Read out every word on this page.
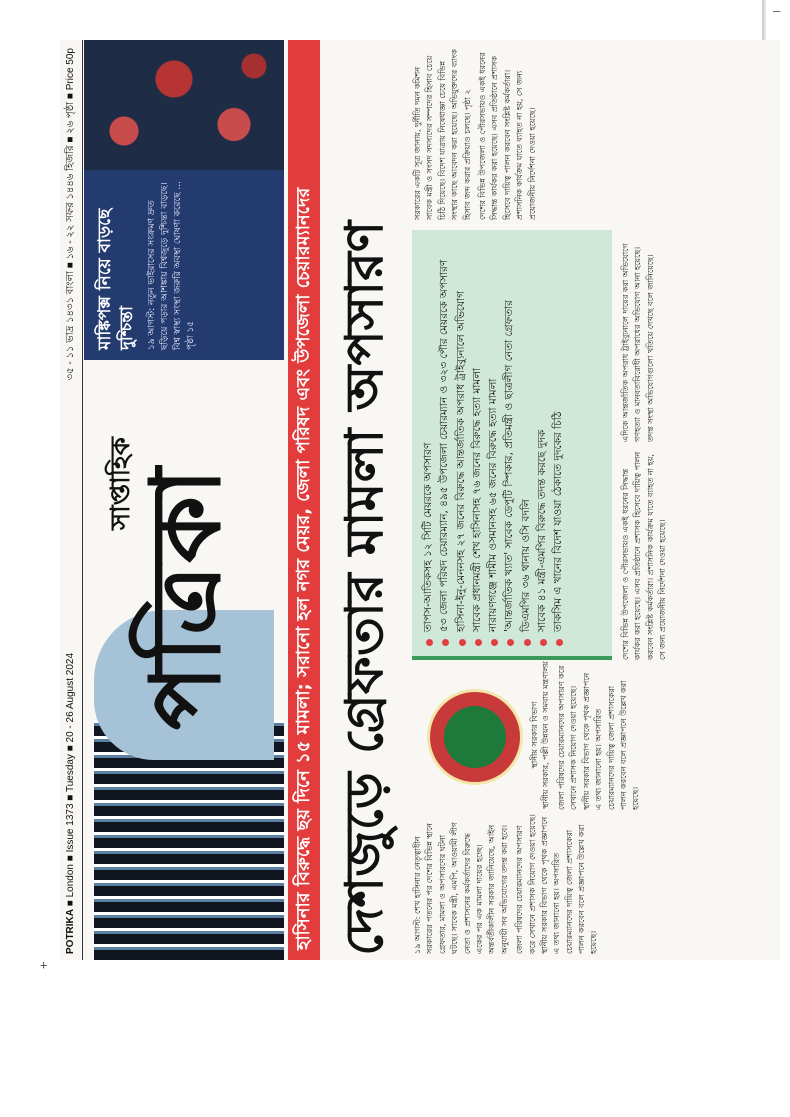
–
+
POTRIKA ■ London ■ Issue 1373 ■ Tuesday ■ 20 - 26 August 2024
৩৫ - ১১ ভাদ্র ১৪৩১ বাংলা ■ ১৬ - ২২ সফর ১৪৪৬ হিজরি ■ ২৬ পৃষ্ঠা ■ Price 50p
সাপ্তাহিক
পত্রিকা
মাঙ্কিপক্স নিয়ে বাড়ছে দুশ্চিন্তা ১৯ আগস্ট: নতুন ভাইরাসের সংক্রমণ দ্রুত ছড়িয়ে পড়ার আশঙ্কায় বিশ্বজুড়ে দুশ্চিন্তা বাড়ছে। বিশ্ব স্বাস্থ্য সংস্থা জরুরি অবস্থা ঘোষণা করেছে ... পৃষ্ঠা ১৫	হাসিনার বিরুদ্ধে ছয় দিনে ১৫ মামলা; সরানো হল নগর মেয়র, জেলা পরিষদ এবং উপজেলা চেয়ারম্যানদের দেশজুড়ে গ্রেফতার মামলা অপসারণ	১৯ আগস্ট: শেখ হাসিনার নেতৃত্বাধীন সরকারের পতনের পর দেশের বিভিন্ন স্থানে গ্রেফতার, মামলা ও অপসারণের ঘটনা ঘটছে। সাবেক মন্ত্রী, এমপি, আওয়ামী লীগ নেতা ও প্রশাসনের কর্মকর্তাদের বিরুদ্ধে একের পর এক মামলা দায়ের হচ্ছে। অন্তর্বর্তীকালীন সরকার জানিয়েছে, আইন অনুযায়ী সব অভিযোগের তদন্ত করা হবে। জেলা পরিষদের চেয়ারম্যানদের অপসারণ করে সেখানে প্রশাসক নিয়োগ দেওয়া হয়েছে। স্থানীয় সরকার বিভাগ থেকে পৃথক প্রজ্ঞাপনে এ তথ্য জানানো হয়। অপসারিত চেয়ারম্যানদের দায়িত্ব জেলা প্রশাসকেরা পালন করবেন বলে প্রজ্ঞাপনে উল্লেখ করা হয়েছে।

স্থানীয় সরকার বিভাগ
স্থানীয় সরকার, পল্লী উন্নয়ন ও সমবায় মন্ত্রণালয়
তাপস-আতিকসহ ১২ সিটি মেয়রকে অপসারণ ৫৩ জেলা পরিষদ চেয়ারম্যান, ৪৯৫ উপজেলা চেয়ারম্যান ও ৩২৩ পৌর মেয়রকে অপসারণ হাসিনা-ইনু-মেননসহ ২৭ জনের বিরুদ্ধে আন্তর্জাতিক অপরাধ ট্রাইব্যুনালে অভিযোগ সাবেক প্রধানমন্ত্রী শেখ হাসিনাসহ ৭৬ জনের বিরুদ্ধে হত্যা মামলা নারায়ণগঞ্জে শামীম ওসমানসহ ৬৫ জনের বিরুদ্ধে হত্যা মামলা 'আন্তর্জাতিক খ্যাত' সাবেক ডেপুটি স্পিকার, প্রতিমন্ত্রী ও ছাত্রলীগ নেতা গ্রেফতার ডিএমপির ৩৬ থানায় ওসি বদলি সাবেক ৪১ মন্ত্রী-এমপির বিরুদ্ধে তদন্ত করছে দুদক তাকসিম এ খানের বিদেশ যাওয়া ঠেকাতে দুদকের চিঠি

জেলা পরিষদের চেয়ারম্যানদের অপসারণ করে সেখানে প্রশাসক নিয়োগ দেওয়া হয়েছে। স্থানীয় সরকার বিভাগ থেকে পৃথক প্রজ্ঞাপনে এ তথ্য জানানো হয়। অপসারিত চেয়ারম্যানদের দায়িত্ব জেলা প্রশাসকেরা পালন করবেন বলে প্রজ্ঞাপনে উল্লেখ করা হয়েছে।

দেশের বিভিন্ন উপজেলা ও পৌরসভায়ও একই ধরনের সিদ্ধান্ত কার্যকর করা হয়েছে। এসব প্রতিষ্ঠানে প্রশাসক হিসেবে দায়িত্ব পালন করবেন সংশ্লিষ্ট কর্মকর্তারা। প্রশাসনিক কার্যক্রম যাতে ব্যাহত না হয়, সে জন্য প্রয়োজনীয় নির্দেশনা দেওয়া হয়েছে।

এদিকে আন্তর্জাতিক অপরাধ ট্রাইব্যুনালে দায়ের করা অভিযোগে গণহত্যা ও মানবতাবিরোধী অপরাধের অভিযোগ আনা হয়েছে। তদন্ত সংস্থা অভিযোগগুলো খতিয়ে দেখছে বলে জানিয়েছে।

সরকারের একটি সূত্র জানায়, দুর্নীতি দমন কমিশন সাবেক মন্ত্রী ও সংসদ সদস্যদের সম্পদের হিসাব চেয়ে চিঠি দিয়েছে। বিদেশ যাত্রায় নিষেধাজ্ঞা চেয়ে বিভিন্ন সংস্থার কাছে আবেদন করা হয়েছে। অভিযুক্তদের ব্যাংক হিসাব জব্দ করার প্রক্রিয়াও চলছে। পৃষ্ঠা ২ দেশের বিভিন্ন উপজেলা ও পৌরসভায়ও একই ধরনের সিদ্ধান্ত কার্যকর করা হয়েছে। এসব প্রতিষ্ঠানে প্রশাসক হিসেবে দায়িত্ব পালন করবেন সংশ্লিষ্ট কর্মকর্তারা। প্রশাসনিক কার্যক্রম যাতে ব্যাহত না হয়, সে জন্য প্রয়োজনীয় নির্দেশনা দেওয়া হয়েছে।
